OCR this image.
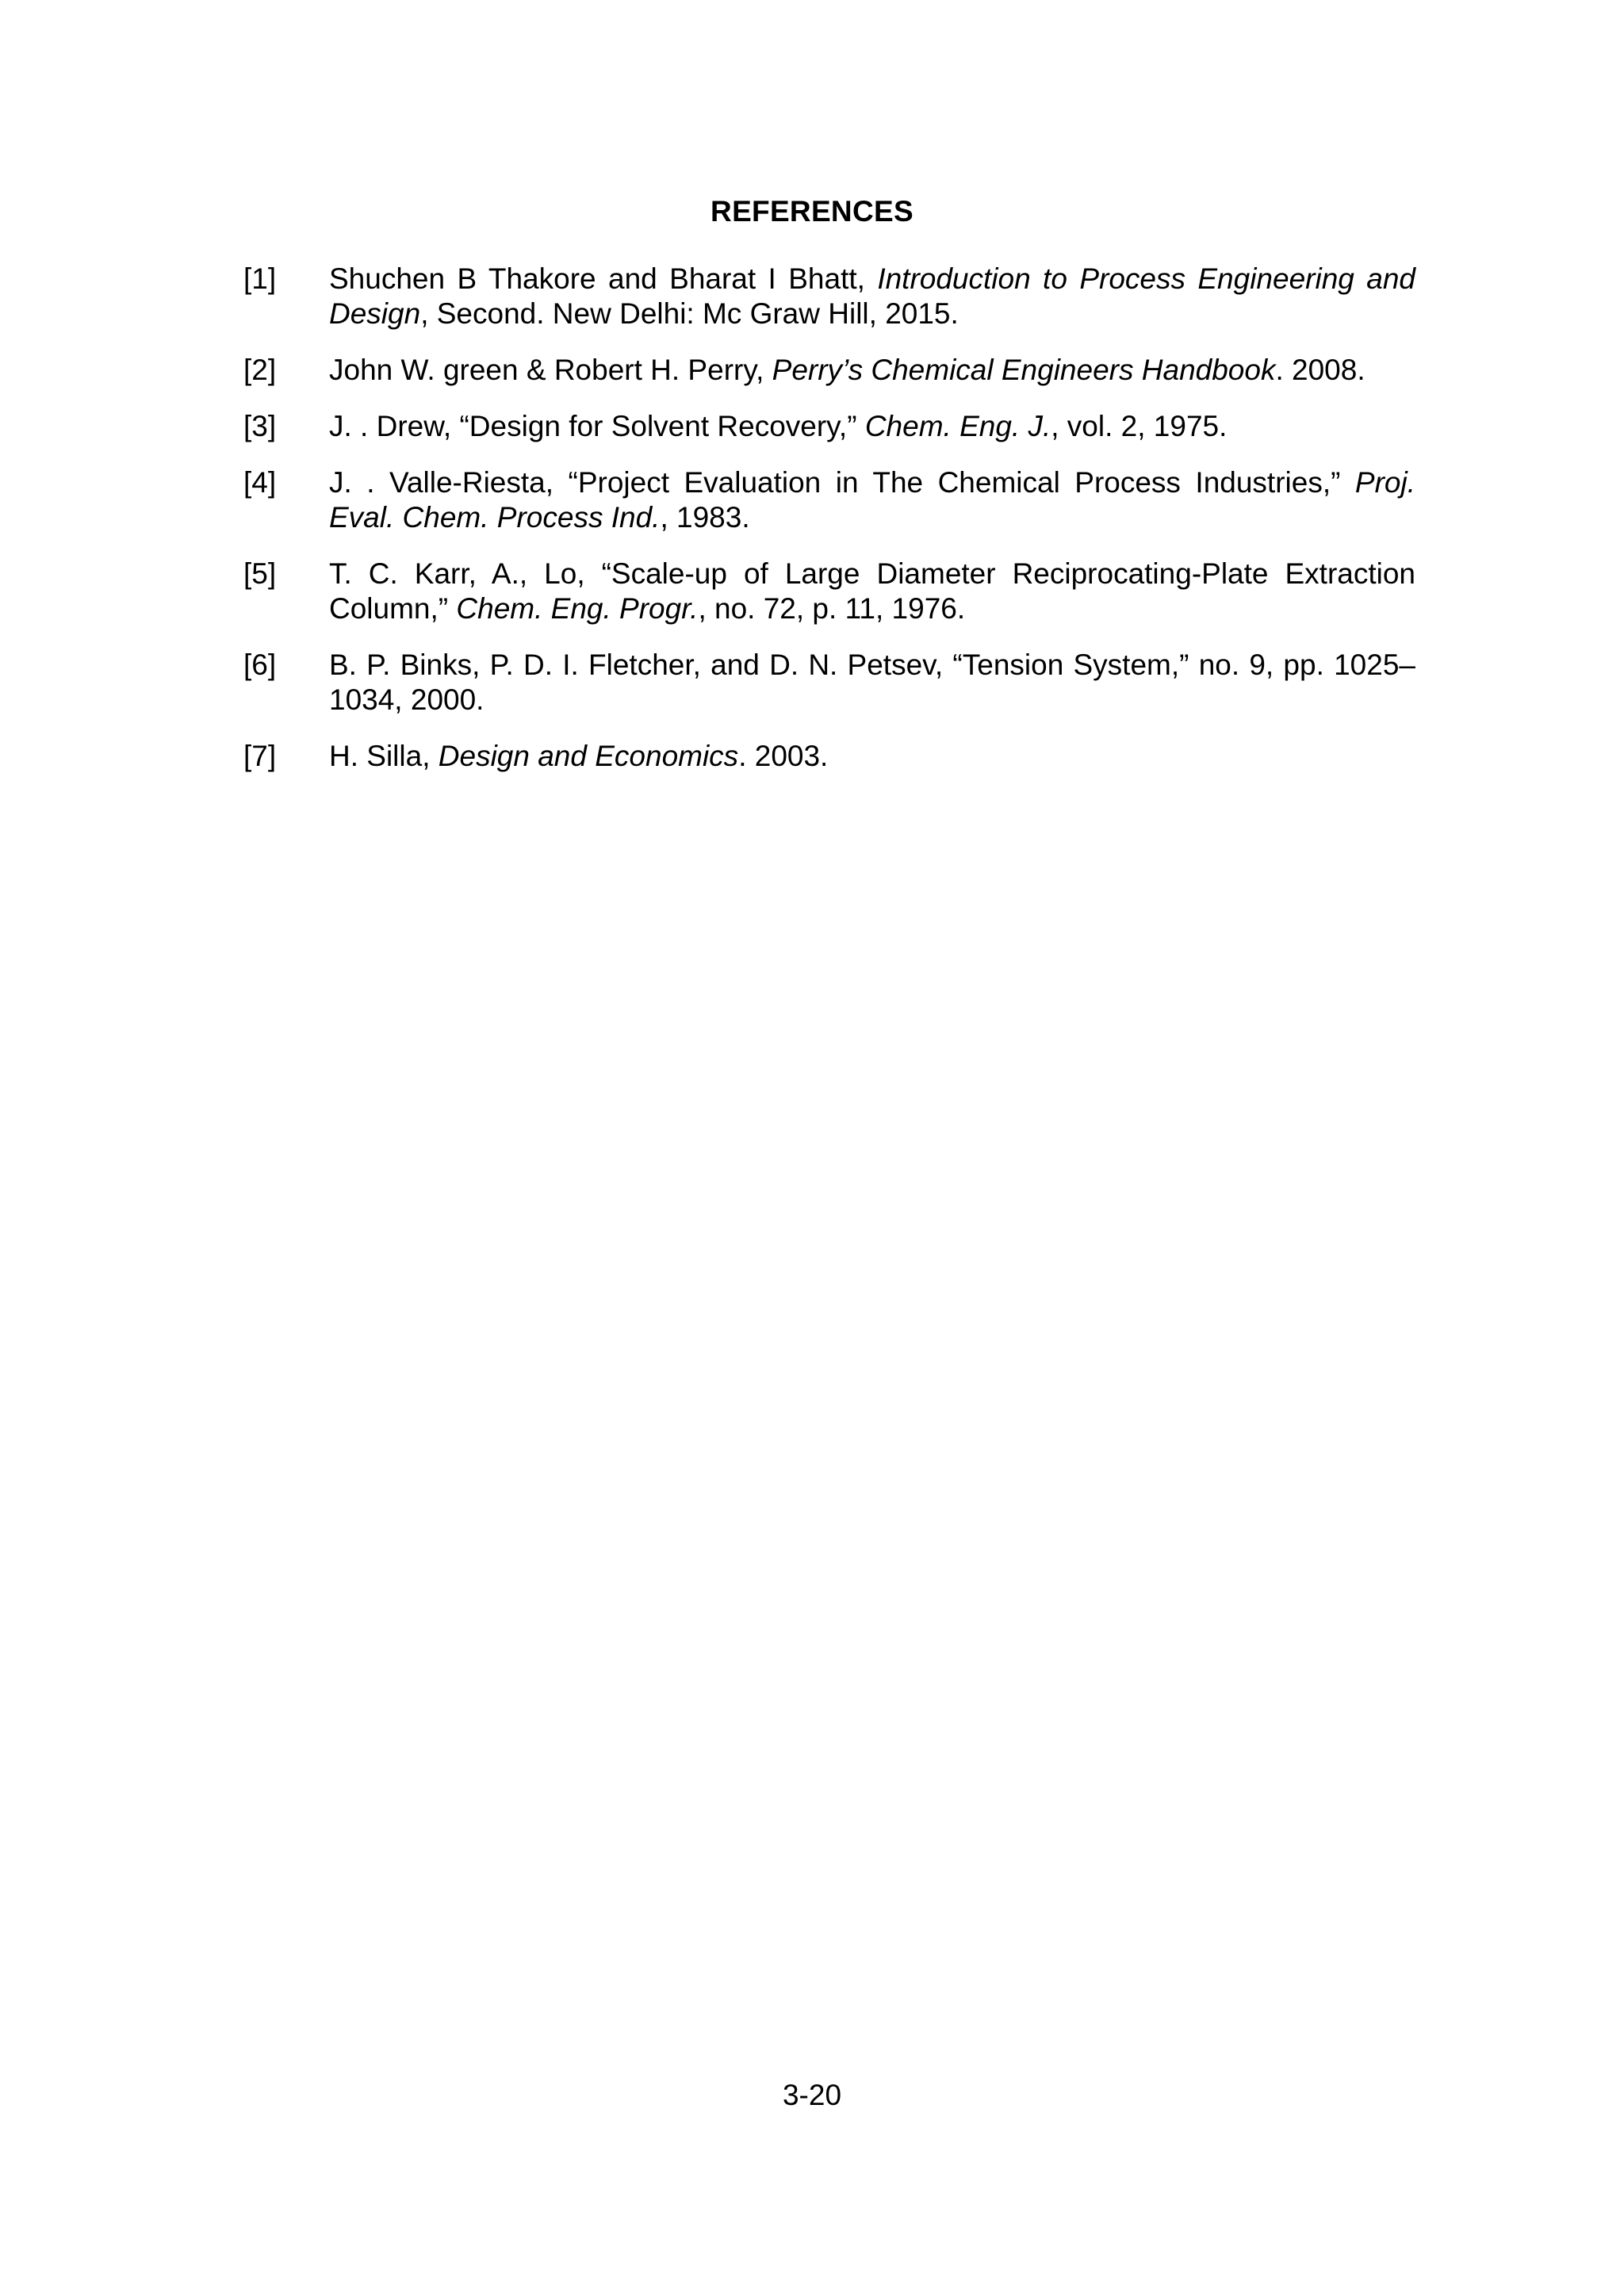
REFERENCES
[1] Shuchen B Thakore and Bharat I Bhatt, Introduction to Process Engineering and Design, Second. New Delhi: Mc Graw Hill, 2015.
[2] John W. green & Robert H. Perry, Perry’s Chemical Engineers Handbook. 2008.
[3] J. . Drew, “Design for Solvent Recovery,” Chem. Eng. J., vol. 2, 1975.
[4] J. . Valle-Riesta, “Project Evaluation in The Chemical Process Industries,” Proj. Eval. Chem. Process Ind., 1983.
[5] T. C. Karr, A., Lo, “Scale-up of Large Diameter Reciprocating-Plate Extraction Column,” Chem. Eng. Progr., no. 72, p. 11, 1976.
[6] B. P. Binks, P. D. I. Fletcher, and D. N. Petsev, “Tension System,” no. 9, pp. 1025–1034, 2000.
[7] H. Silla, Design and Economics. 2003.
3-20
